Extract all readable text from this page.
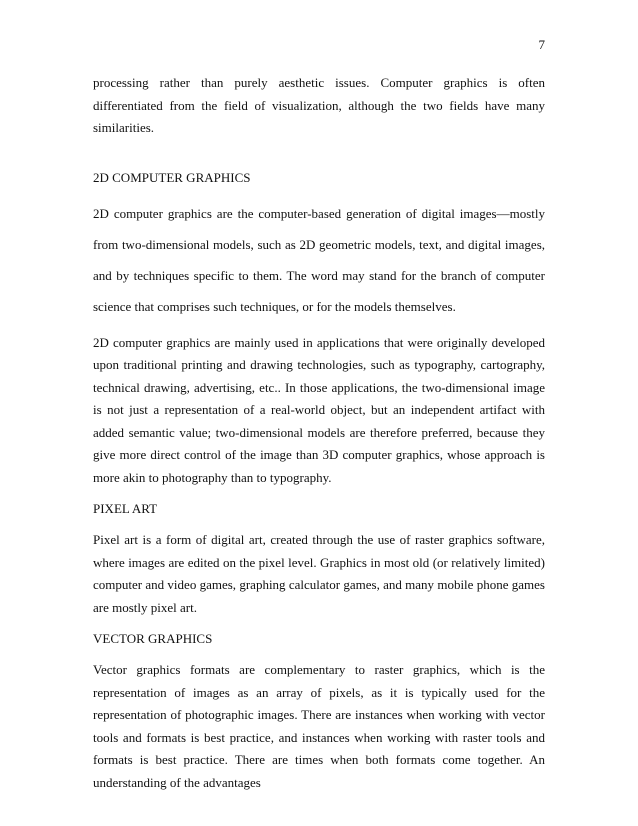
7

processing rather than purely aesthetic issues. Computer graphics is often differentiated from the field of visualization, although the two fields have many similarities.

2D COMPUTER GRAPHICS

2D computer graphics are the computer-based generation of digital images—mostly from two-dimensional models, such as 2D geometric models, text, and digital images, and by techniques specific to them. The word may stand for the branch of computer science that comprises such techniques, or for the models themselves.

2D computer graphics are mainly used in applications that were originally developed upon traditional printing and drawing technologies, such as typography, cartography, technical drawing, advertising, etc.. In those applications, the two-dimensional image is not just a representation of a real-world object, but an independent artifact with added semantic value; two-dimensional models are therefore preferred, because they give more direct control of the image than 3D computer graphics, whose approach is more akin to photography than to typography.

PIXEL ART

Pixel art is a form of digital art, created through the use of raster graphics software, where images are edited on the pixel level. Graphics in most old (or relatively limited) computer and video games, graphing calculator games, and many mobile phone games are mostly pixel art.

VECTOR GRAPHICS

Vector graphics formats are complementary to raster graphics, which is the representation of images as an array of pixels, as it is typically used for the representation of photographic images. There are instances when working with vector tools and formats is best practice, and instances when working with raster tools and formats is best practice. There are times when both formats come together. An understanding of the advantages
